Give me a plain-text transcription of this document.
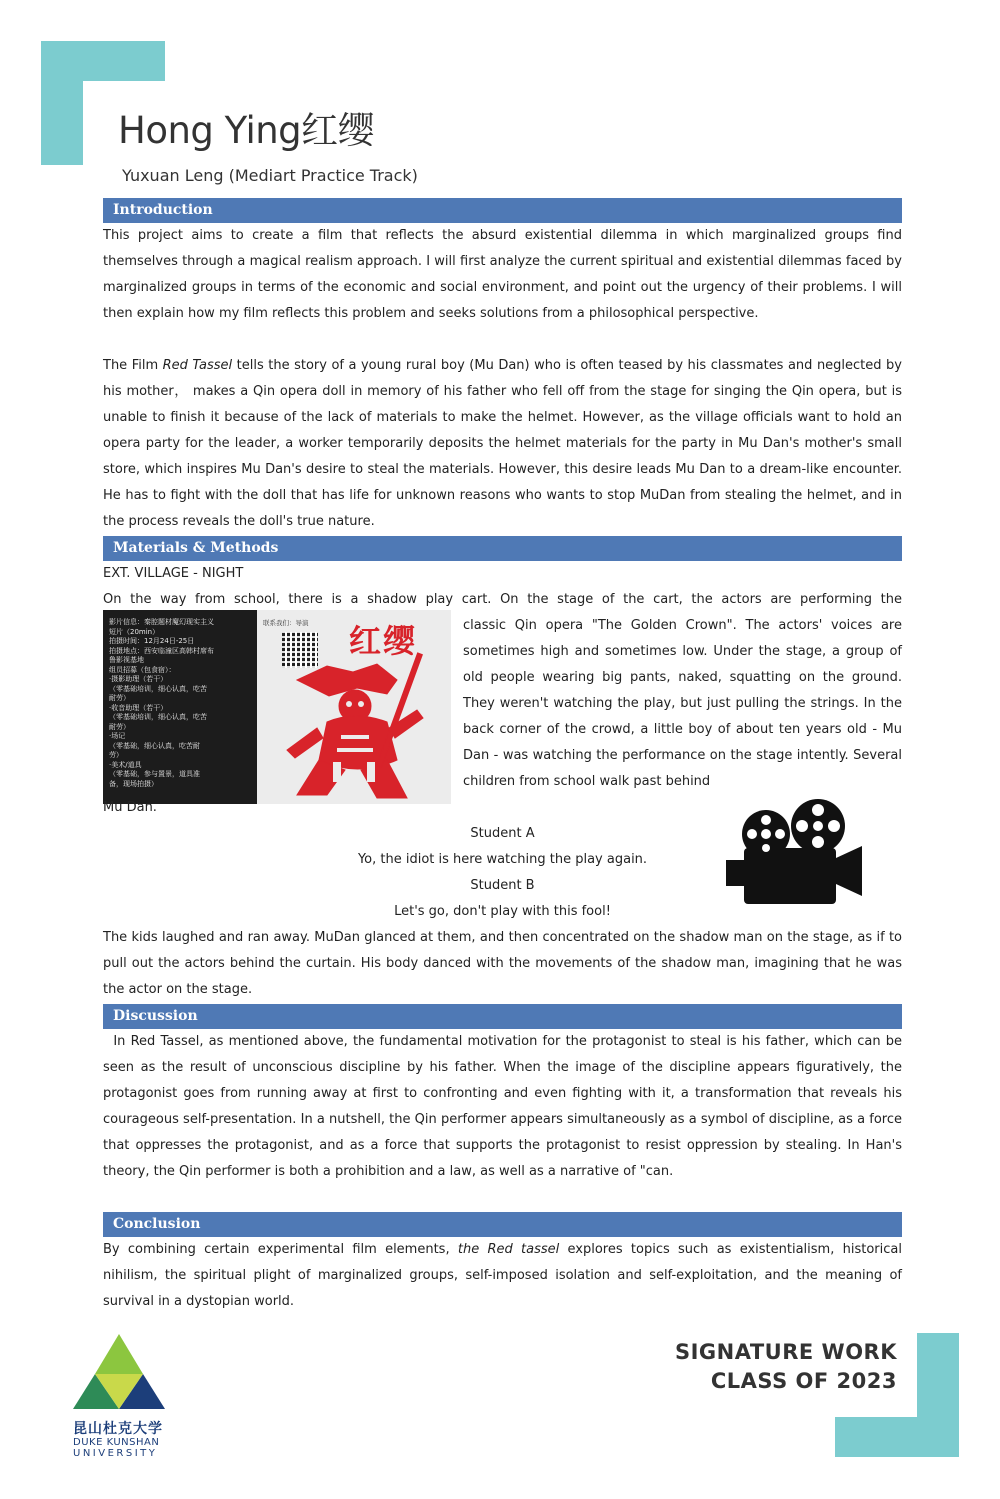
Hong Ying红缨
Yuxuan Leng (Mediart Practice Track)
Introduction

This project aims to create a film that reflects the absurd existential dilemma in which marginalized groups find themselves through a magical realism approach. I will first analyze the current spiritual and existential dilemmas faced by marginalized groups in terms of the economic and social environment, and point out the urgency of their problems. I will then explain how my film reflects this problem and seeks solutions from a philosophical perspective.

The Film Red Tassel tells the story of a young rural boy (Mu Dan) who is often teased by his classmates and neglected by his mother， makes a Qin opera doll in memory of his father who fell off from the stage for singing the Qin opera, but is unable to finish it because of the lack of materials to make the helmet. However, as the village officials want to hold an opera party for the leader, a worker temporarily deposits the helmet materials for the party in Mu Dan's mother's small store, which inspires Mu Dan's desire to steal the materials. However, this desire leads Mu Dan to a dream-like encounter. He has to fight with the doll that has life for unknown reasons who wants to stop MuDan from stealing the helmet, and in the process reveals the doll's true nature.

Materials & Methods
EXT. VILLAGE - NIGHT
On the way from school, there is a shadow play cart. On the stage of the cart, the actors are performing the
影片信息：秦腔题材魔幻现实主义
短片（20min）
拍摄时间：12月24日-25日
拍摄地点：西安临潼区高韩村席布
鲁影视基地
组员招募（包食宿）：
·摄影助理（若干）
（零基础培训，细心认真，吃苦
耐劳）
·收音助理（若干）
（零基础培训，细心认真，吃苦
耐劳）
·场记
（零基础，细心认真，吃苦耐
劳）
·美术/道具
（零基础，参与置景，道具准
备，现场拍摄）
联系我们：导演 红缨	classic Qin opera "The Golden Crown". The actors' voices are sometimes high and sometimes low. Under the stage, a group of old people wearing big pants, naked, squatting on the ground. They weren't watching the play, but just pulling the strings. In the back corner of the crowd, a little boy of about ten years old - Mu Dan - was watching the performance on the stage intently. Several children from school walk past behind

Mu Dan.
Student A
Yo, the idiot is here watching the play again.
Student B
Let's go, don't play with this fool!

The kids laughed and ran away. MuDan glanced at them, and then concentrated on the shadow man on the stage, as if to pull out the actors behind the curtain. His body danced with the movements of the shadow man, imagining that he was the actor on the stage.

Discussion

In Red Tassel, as mentioned above, the fundamental motivation for the protagonist to steal is his father, which can be seen as the result of unconscious discipline by his father. When the image of the discipline appears figuratively, the protagonist goes from running away at first to confronting and even fighting with it, a transformation that reveals his courageous self-presentation. In a nutshell, the Qin performer appears simultaneously as a symbol of discipline, as a force that oppresses the protagonist, and as a force that supports the protagonist to resist oppression by stealing. In Han's theory, the Qin performer is both a prohibition and a law, as well as a narrative of "can.

Conclusion

By combining certain experimental film elements, the Red tassel explores topics such as existentialism, historical nihilism, the spiritual plight of marginalized groups, self-imposed isolation and self-exploitation, and the meaning of survival in a dystopian world.

昆山杜克大学
DUKE KUNSHAN
UNIVERSITY
SIGNATURE WORK
CLASS OF 2023
